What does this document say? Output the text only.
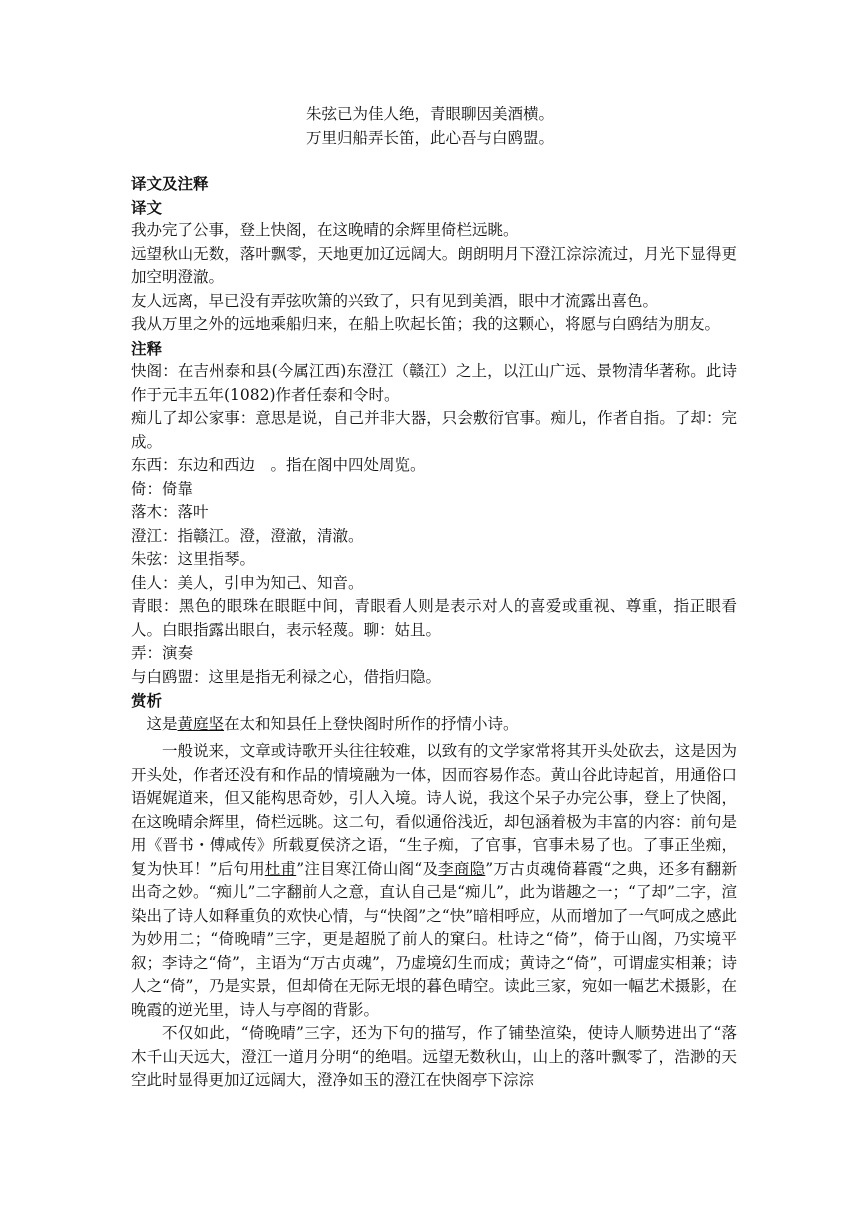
朱弦已为佳人绝，青眼聊因美酒横。
万里归船弄长笛，此心吾与白鸥盟。

译文及注释

译文

我办完了公事，登上快阁，在这晚晴的余辉里倚栏远眺。

远望秋山无数，落叶飘零，天地更加辽远阔大。朗朗明月下澄江淙淙流过，月光下显得更加空明澄澈。

友人远离，早已没有弄弦吹箫的兴致了，只有见到美酒，眼中才流露出喜色。

我从万里之外的远地乘船归来，在船上吹起长笛；我的这颗心，将愿与白鸥结为朋友。

注释

快阁：在吉州泰和县(今属江西)东澄江（赣江）之上，以江山广远、景物清华著称。此诗作于元丰五年(1082)作者任泰和令时。

痴儿了却公家事：意思是说，自己并非大器，只会敷衍官事。痴儿，作者自指。了却：完成。

东西：东边和西边　。指在阁中四处周览。

倚：倚靠

落木：落叶

澄江：指赣江。澄，澄澈，清澈。

朱弦：这里指琴。

佳人：美人，引申为知己、知音。

青眼：黑色的眼珠在眼眶中间，青眼看人则是表示对人的喜爱或重视、尊重，指正眼看人。白眼指露出眼白，表示轻蔑。聊：姑且。

弄：演奏

与白鸥盟：这里是指无利禄之心，借指归隐。

赏析

这是黄庭坚在太和知县任上登快阁时所作的抒情小诗。

一般说来，文章或诗歌开头往往较难，以致有的文学家常将其开头处砍去，这是因为开头处，作者还没有和作品的情境融为一体，因而容易作态。黄山谷此诗起首，用通俗口语娓娓道来，但又能构思奇妙，引人入境。诗人说，我这个呆子办完公事，登上了快阁，在这晚晴余辉里，倚栏远眺。这二句，看似通俗浅近，却包涵着极为丰富的内容：前句是用《晋书・傅咸传》所载夏侯济之语，“生子痴，了官事，官事未易了也。了事正坐痴，复为快耳！”后句用杜甫”注目寒江倚山阁“及李商隐”万古贞魂倚暮霞“之典，还多有翻新出奇之妙。“痴儿”二字翻前人之意，直认自己是“痴儿”，此为谐趣之一；“了却”二字，渲染出了诗人如释重负的欢快心情，与“快阁”之“快”暗相呼应，从而增加了一气呵成之感此为妙用二；“倚晚晴”三字，更是超脱了前人的窠臼。杜诗之“倚”，倚于山阁，乃实境平叙；李诗之“倚”，主语为“万古贞魂”，乃虚境幻生而成；黄诗之“倚”，可谓虚实相兼；诗人之“倚”，乃是实景，但却倚在无际无垠的暮色晴空。读此三家，宛如一幅艺术摄影，在晚霞的逆光里，诗人与亭阁的背影。

不仅如此，“倚晚晴”三字，还为下句的描写，作了铺垫渲染，使诗人顺势进出了“落木千山天远大，澄江一道月分明“的绝唱。远望无数秋山，山上的落叶飘零了，浩渺的天空此时显得更加辽远阔大，澄净如玉的澄江在快阁亭下淙淙
